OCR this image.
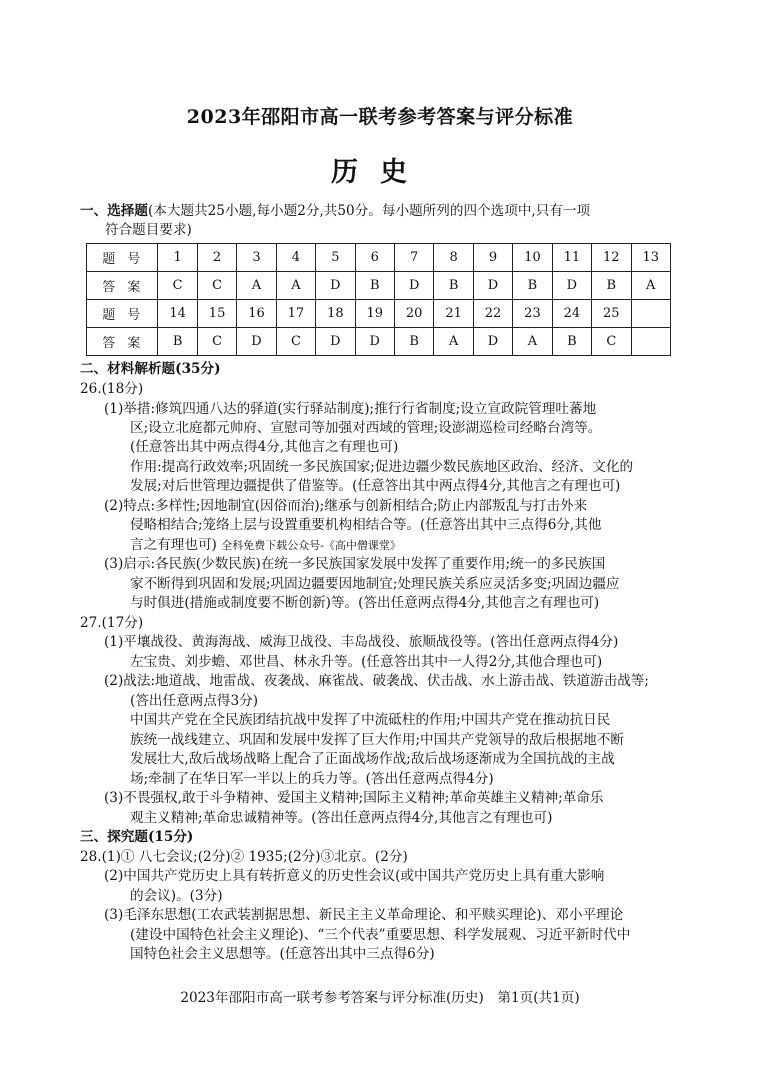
2023年邵阳市高一联考参考答案与评分标准
历史
一、选择题(本大题共25小题,每小题2分,共50分。每小题所列的四个选项中,只有一项
符合题目要求)
题号	1	2	3	4	5	6	7	8	9	10	11	12	13
答案	C	C	A	A	D	B	D	B	D	B	D	B	A
题号	14	15	16	17	18	19	20	21	22	23	24	25	
答案	B	C	D	C	D	D	B	A	D	A	B	C	
二、材料解析题(35分)
26.(18分)
(1)举措:修筑四通八达的驿道(实行驿站制度);推行行省制度;设立宣政院管理吐蕃地
区;设立北庭都元帅府、宣慰司等加强对西域的管理;设澎湖巡检司经略台湾等。
(任意答出其中两点得4分,其他言之有理也可)
作用:提高行政效率;巩固统一多民族国家;促进边疆少数民族地区政治、经济、文化的
发展;对后世管理边疆提供了借鉴等。(任意答出其中两点得4分,其他言之有理也可)
(2)特点:多样性;因地制宜(因俗而治);继承与创新相结合;防止内部叛乱与打击外来
侵略相结合;笼络上层与设置重要机构相结合等。(任意答出其中三点得6分,其他
言之有理也可) 全科免费下载公众号-《高中僧课堂》
(3)启示:各民族(少数民族)在统一多民族国家发展中发挥了重要作用;统一的多民族国
家不断得到巩固和发展;巩固边疆要因地制宜;处理民族关系应灵活多变;巩固边疆应
与时俱进(措施或制度要不断创新)等。(答出任意两点得4分,其他言之有理也可)
27.(17分)
(1)平壤战役、黄海海战、威海卫战役、丰岛战役、旅顺战役等。(答出任意两点得4分)
左宝贵、刘步蟾、邓世昌、林永升等。(任意答出其中一人得2分,其他合理也可)
(2)战法:地道战、地雷战、夜袭战、麻雀战、破袭战、伏击战、水上游击战、铁道游击战等;
(答出任意两点得3分)
中国共产党在全民族团结抗战中发挥了中流砥柱的作用;中国共产党在推动抗日民
族统一战线建立、巩固和发展中发挥了巨大作用;中国共产党领导的敌后根据地不断
发展壮大,敌后战场战略上配合了正面战场作战;敌后战场逐渐成为全国抗战的主战
场;牵制了在华日军一半以上的兵力等。(答出任意两点得4分)
(3)不畏强权,敢于斗争精神、爱国主义精神;国际主义精神;革命英雄主义精神;革命乐
观主义精神;革命忠诚精神等。(答出任意两点得4分,其他言之有理也可)
三、探究题(15分)
28.(1)① 八七会议;(2分)② 1935;(2分)③北京。(2分)
(2)中国共产党历史上具有转折意义的历史性会议(或中国共产党历史上具有重大影响
的会议)。(3分)
(3)毛泽东思想(工农武装割据思想、新民主主义革命理论、和平赎买理论)、邓小平理论
(建设中国特色社会主义理论)、“三个代表”重要思想、科学发展观、习近平新时代中
国特色社会主义思想等。(任意答出其中三点得6分)
2023年邵阳市高一联考参考答案与评分标准(历史)　第1页(共1页)
